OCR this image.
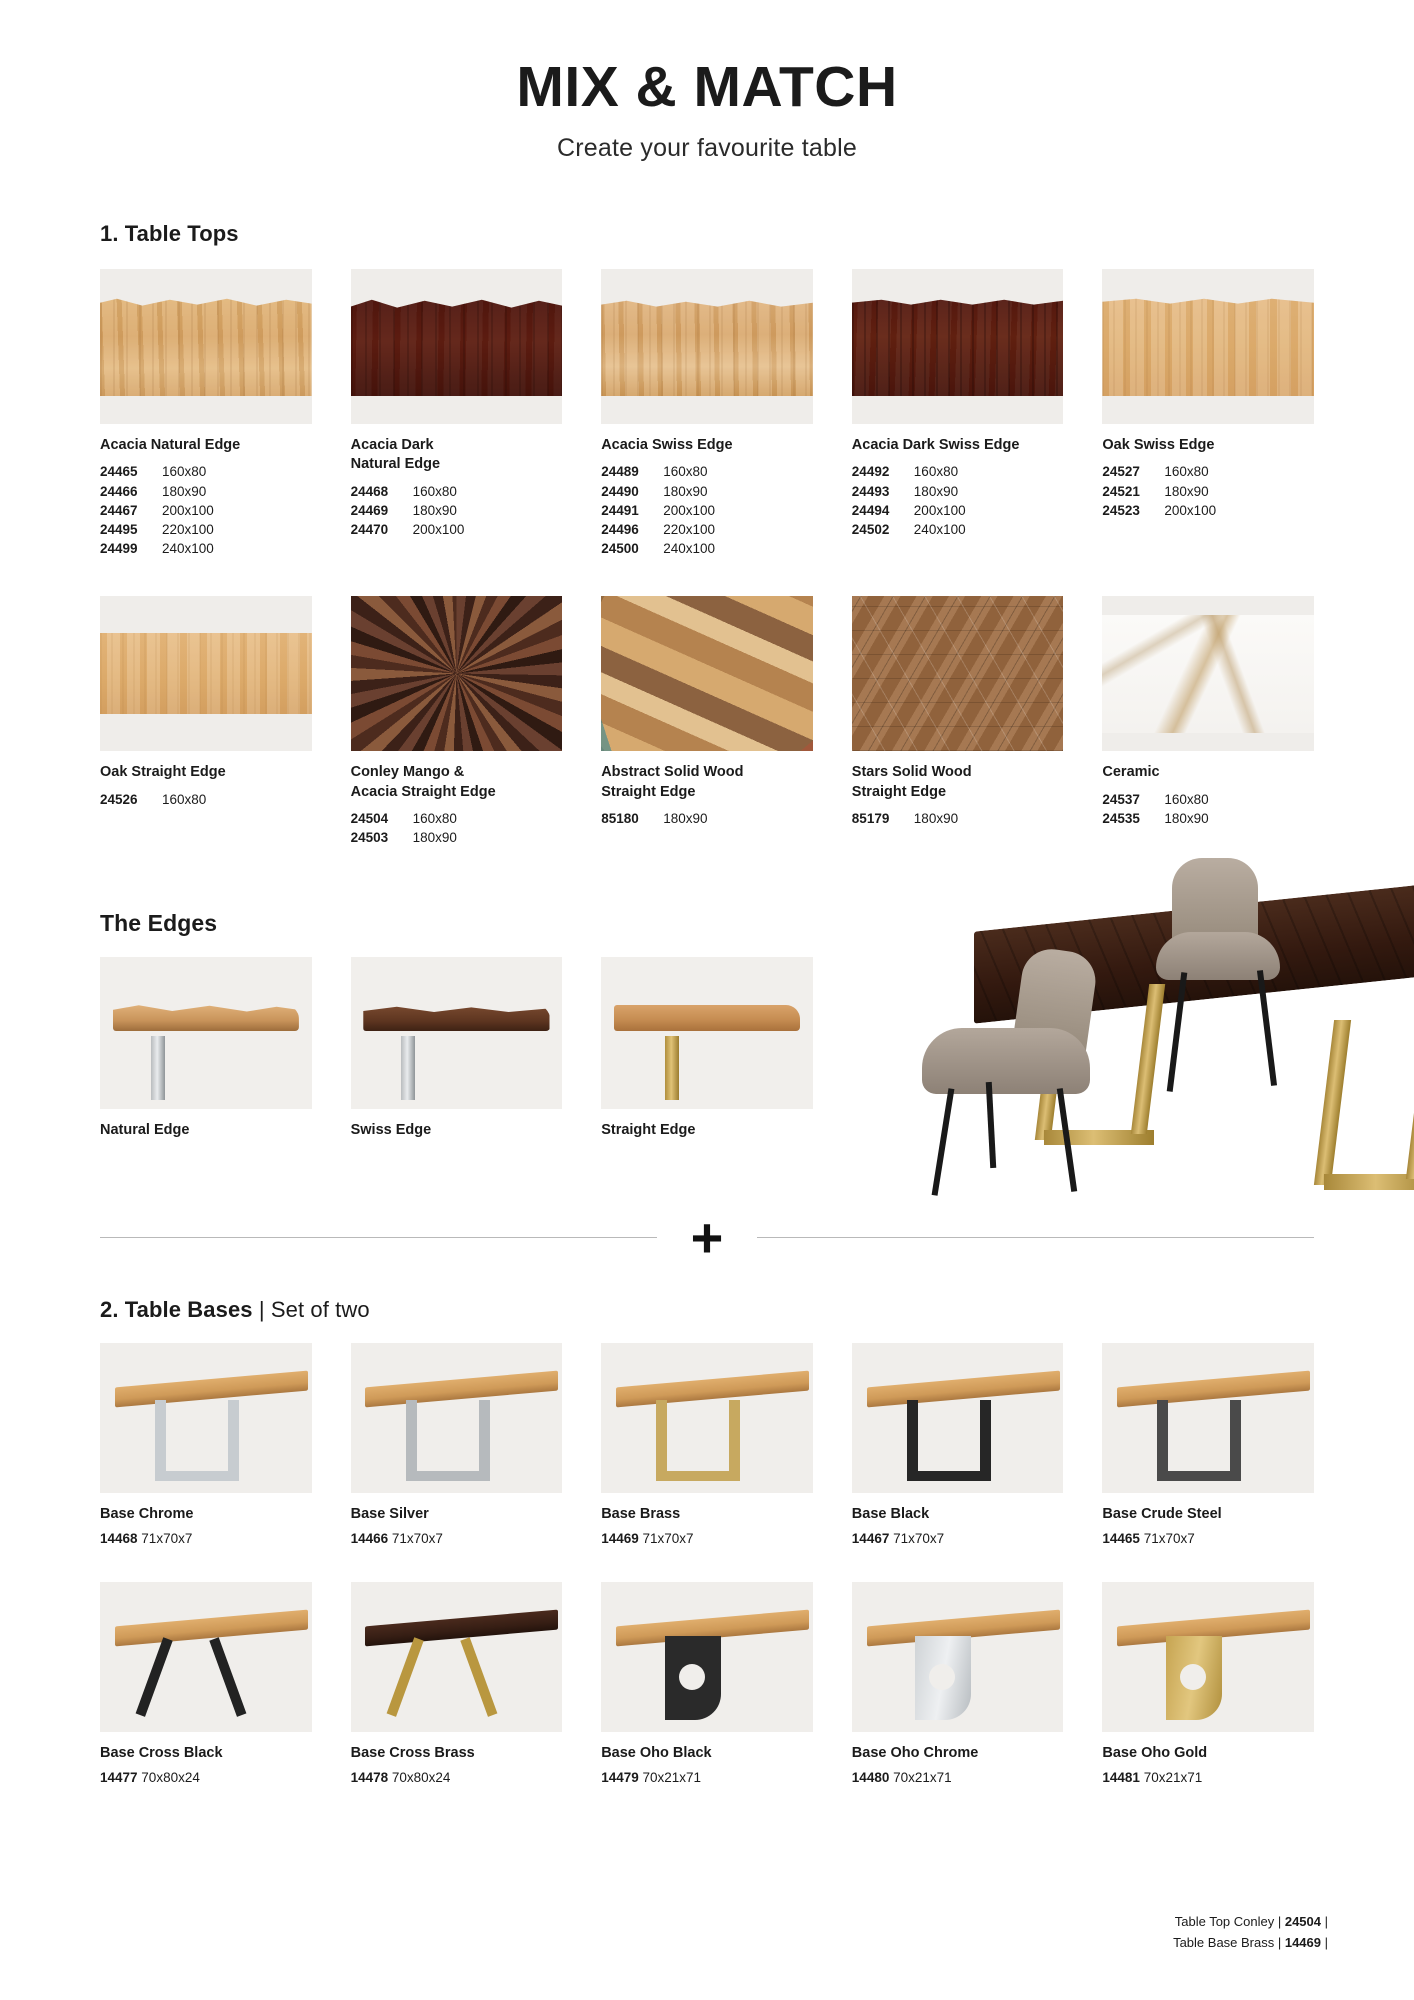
MIX & MATCH

Create your favourite table

1. Table Tops
Acacia Natural Edge
24465	160x80
24466	180x90
24467	200x100
24495	220x100
24499	240x100
Acacia Dark
Natural Edge
24468	160x80
24469	180x90
24470	200x100
Acacia Swiss Edge
24489	160x80
24490	180x90
24491	200x100
24496	220x100
24500	240x100
Acacia Dark Swiss Edge
24492	160x80
24493	180x90
24494	200x100
24502	240x100
Oak Swiss Edge
24527	160x80
24521	180x90
24523	200x100
Oak Straight Edge
24526	160x80
Conley Mango &
Acacia Straight Edge
24504	160x80
24503	180x90
Abstract Solid Wood
Straight Edge
85180	180x90
Stars Solid Wood
Straight Edge
85179	180x90
Ceramic
24537	160x80
24535	180x90
The Edges
Natural Edge	Swiss Edge	Straight Edge
Table Top Conley | 24504 |
Table Base Brass | 14469 |
+
2. Table Bases | Set of two
Base Chrome
14468 71x70x7
Base Silver
14466 71x70x7
Base Brass
14469 71x70x7
Base Black
14467 71x70x7
Base Crude Steel
14465 71x70x7
Base Cross Black
14477 70x80x24
Base Cross Brass
14478 70x80x24
Base Oho Black
14479 70x21x71
Base Oho Chrome
14480 70x21x71
Base Oho Gold
14481 70x21x71
